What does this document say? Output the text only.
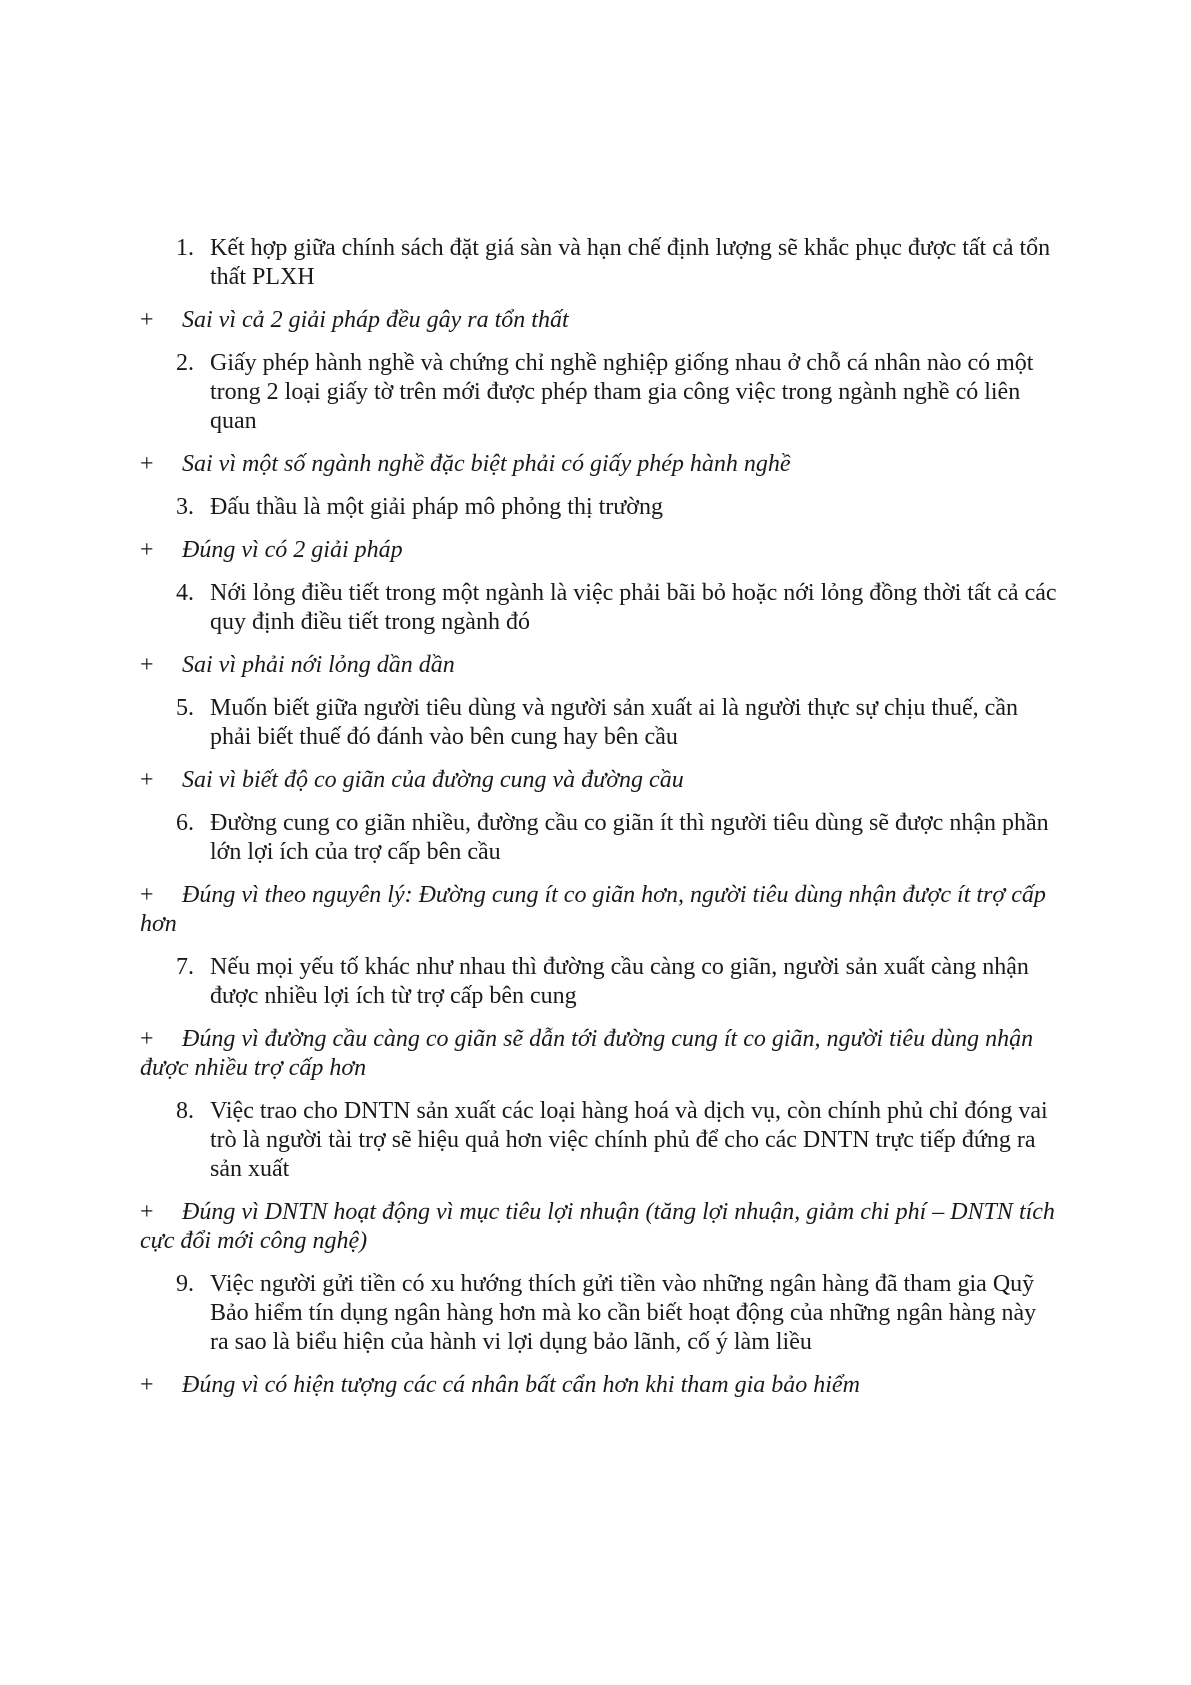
1. Kết hợp giữa chính sách đặt giá sàn và hạn chế định lượng sẽ khắc phục được tất cả tổn thất PLXH
+ Sai vì cả 2 giải pháp đều gây ra tổn thất
2. Giấy phép hành nghề và chứng chỉ nghề nghiệp giống nhau ở chỗ cá nhân nào có một trong 2 loại giấy tờ trên mới được phép tham gia công việc trong ngành nghề có liên quan
+ Sai vì một số ngành nghề đặc biệt phải có giấy phép hành nghề
3. Đấu thầu là một giải pháp mô phỏng thị trường
+ Đúng vì có 2 giải pháp
4. Nới lỏng điều tiết trong một ngành là việc phải bãi bỏ hoặc nới lỏng đồng thời tất cả các quy định điều tiết trong ngành đó
+ Sai vì phải nới lỏng dần dần
5. Muốn biết giữa người tiêu dùng và người sản xuất ai là người thực sự chịu thuế, cần phải biết thuế đó đánh vào bên cung hay bên cầu
+ Sai vì biết độ co giãn của đường cung và đường cầu
6. Đường cung co giãn nhiều, đường cầu co giãn ít thì người tiêu dùng sẽ được nhận phần lớn lợi ích của trợ cấp bên cầu
+ Đúng vì theo nguyên lý: Đường cung ít co giãn hơn, người tiêu dùng nhận được ít trợ cấp hơn
7. Nếu mọi yếu tố khác như nhau thì đường cầu càng co giãn, người sản xuất càng nhận được nhiều lợi ích từ trợ cấp bên cung
+ Đúng vì đường cầu càng co giãn sẽ dẫn tới đường cung ít co giãn, người tiêu dùng nhận được nhiều trợ cấp hơn
8. Việc trao cho DNTN sản xuất các loại hàng hoá và dịch vụ, còn chính phủ chỉ đóng vai trò là người tài trợ sẽ hiệu quả hơn việc chính phủ để cho các DNTN trực tiếp đứng ra sản xuất
+ Đúng vì DNTN hoạt động vì mục tiêu lợi nhuận (tăng lợi nhuận, giảm chi phí – DNTN tích cực đổi mới công nghệ)
9. Việc người gửi tiền có xu hướng thích gửi tiền vào những ngân hàng đã tham gia Quỹ Bảo hiểm tín dụng ngân hàng hơn mà ko cần biết hoạt động của những ngân hàng này ra sao là biểu hiện của hành vi lợi dụng bảo lãnh, cố ý làm liều
+ Đúng vì có hiện tượng các cá nhân bất cẩn hơn khi tham gia bảo hiểm
